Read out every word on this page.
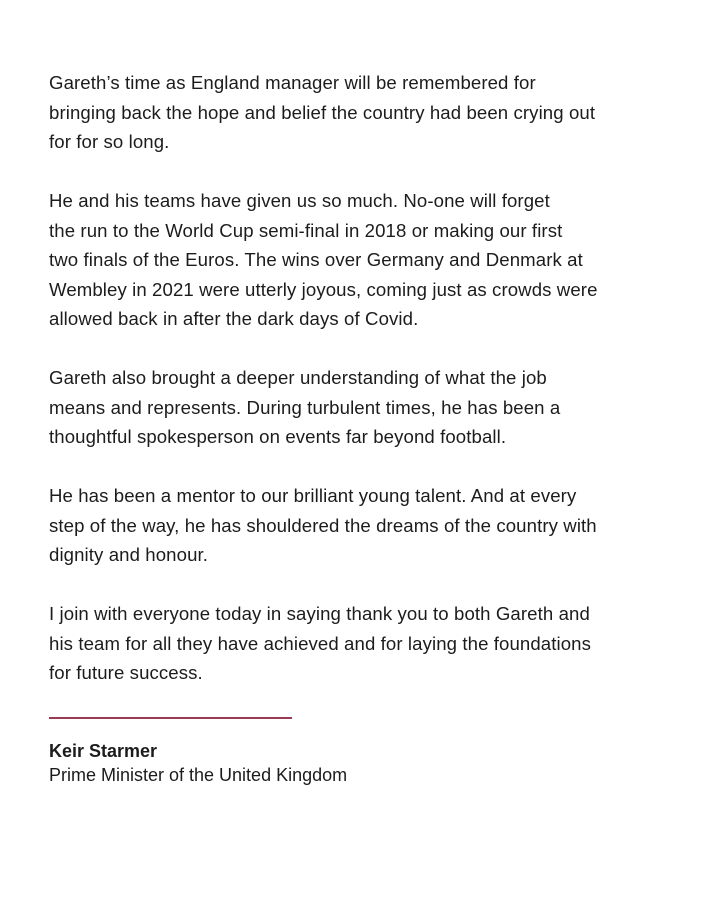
Gareth’s time as England manager will be remembered for
bringing back the hope and belief the country had been crying out
for for so long.

He and his teams have given us so much. No-one will forget
the run to the World Cup semi-final in 2018 or making our first
two finals of the Euros. The wins over Germany and Denmark at
Wembley in 2021 were utterly joyous, coming just as crowds were
allowed back in after the dark days of Covid.

Gareth also brought a deeper understanding of what the job
means and represents. During turbulent times, he has been a
thoughtful spokesperson on events far beyond football.

He has been a mentor to our brilliant young talent. And at every
step of the way, he has shouldered the dreams of the country with
dignity and honour.

I join with everyone today in saying thank you to both Gareth and
his team for all they have achieved and for laying the foundations
for future success.

Keir Starmer

Prime Minister of the United Kingdom
